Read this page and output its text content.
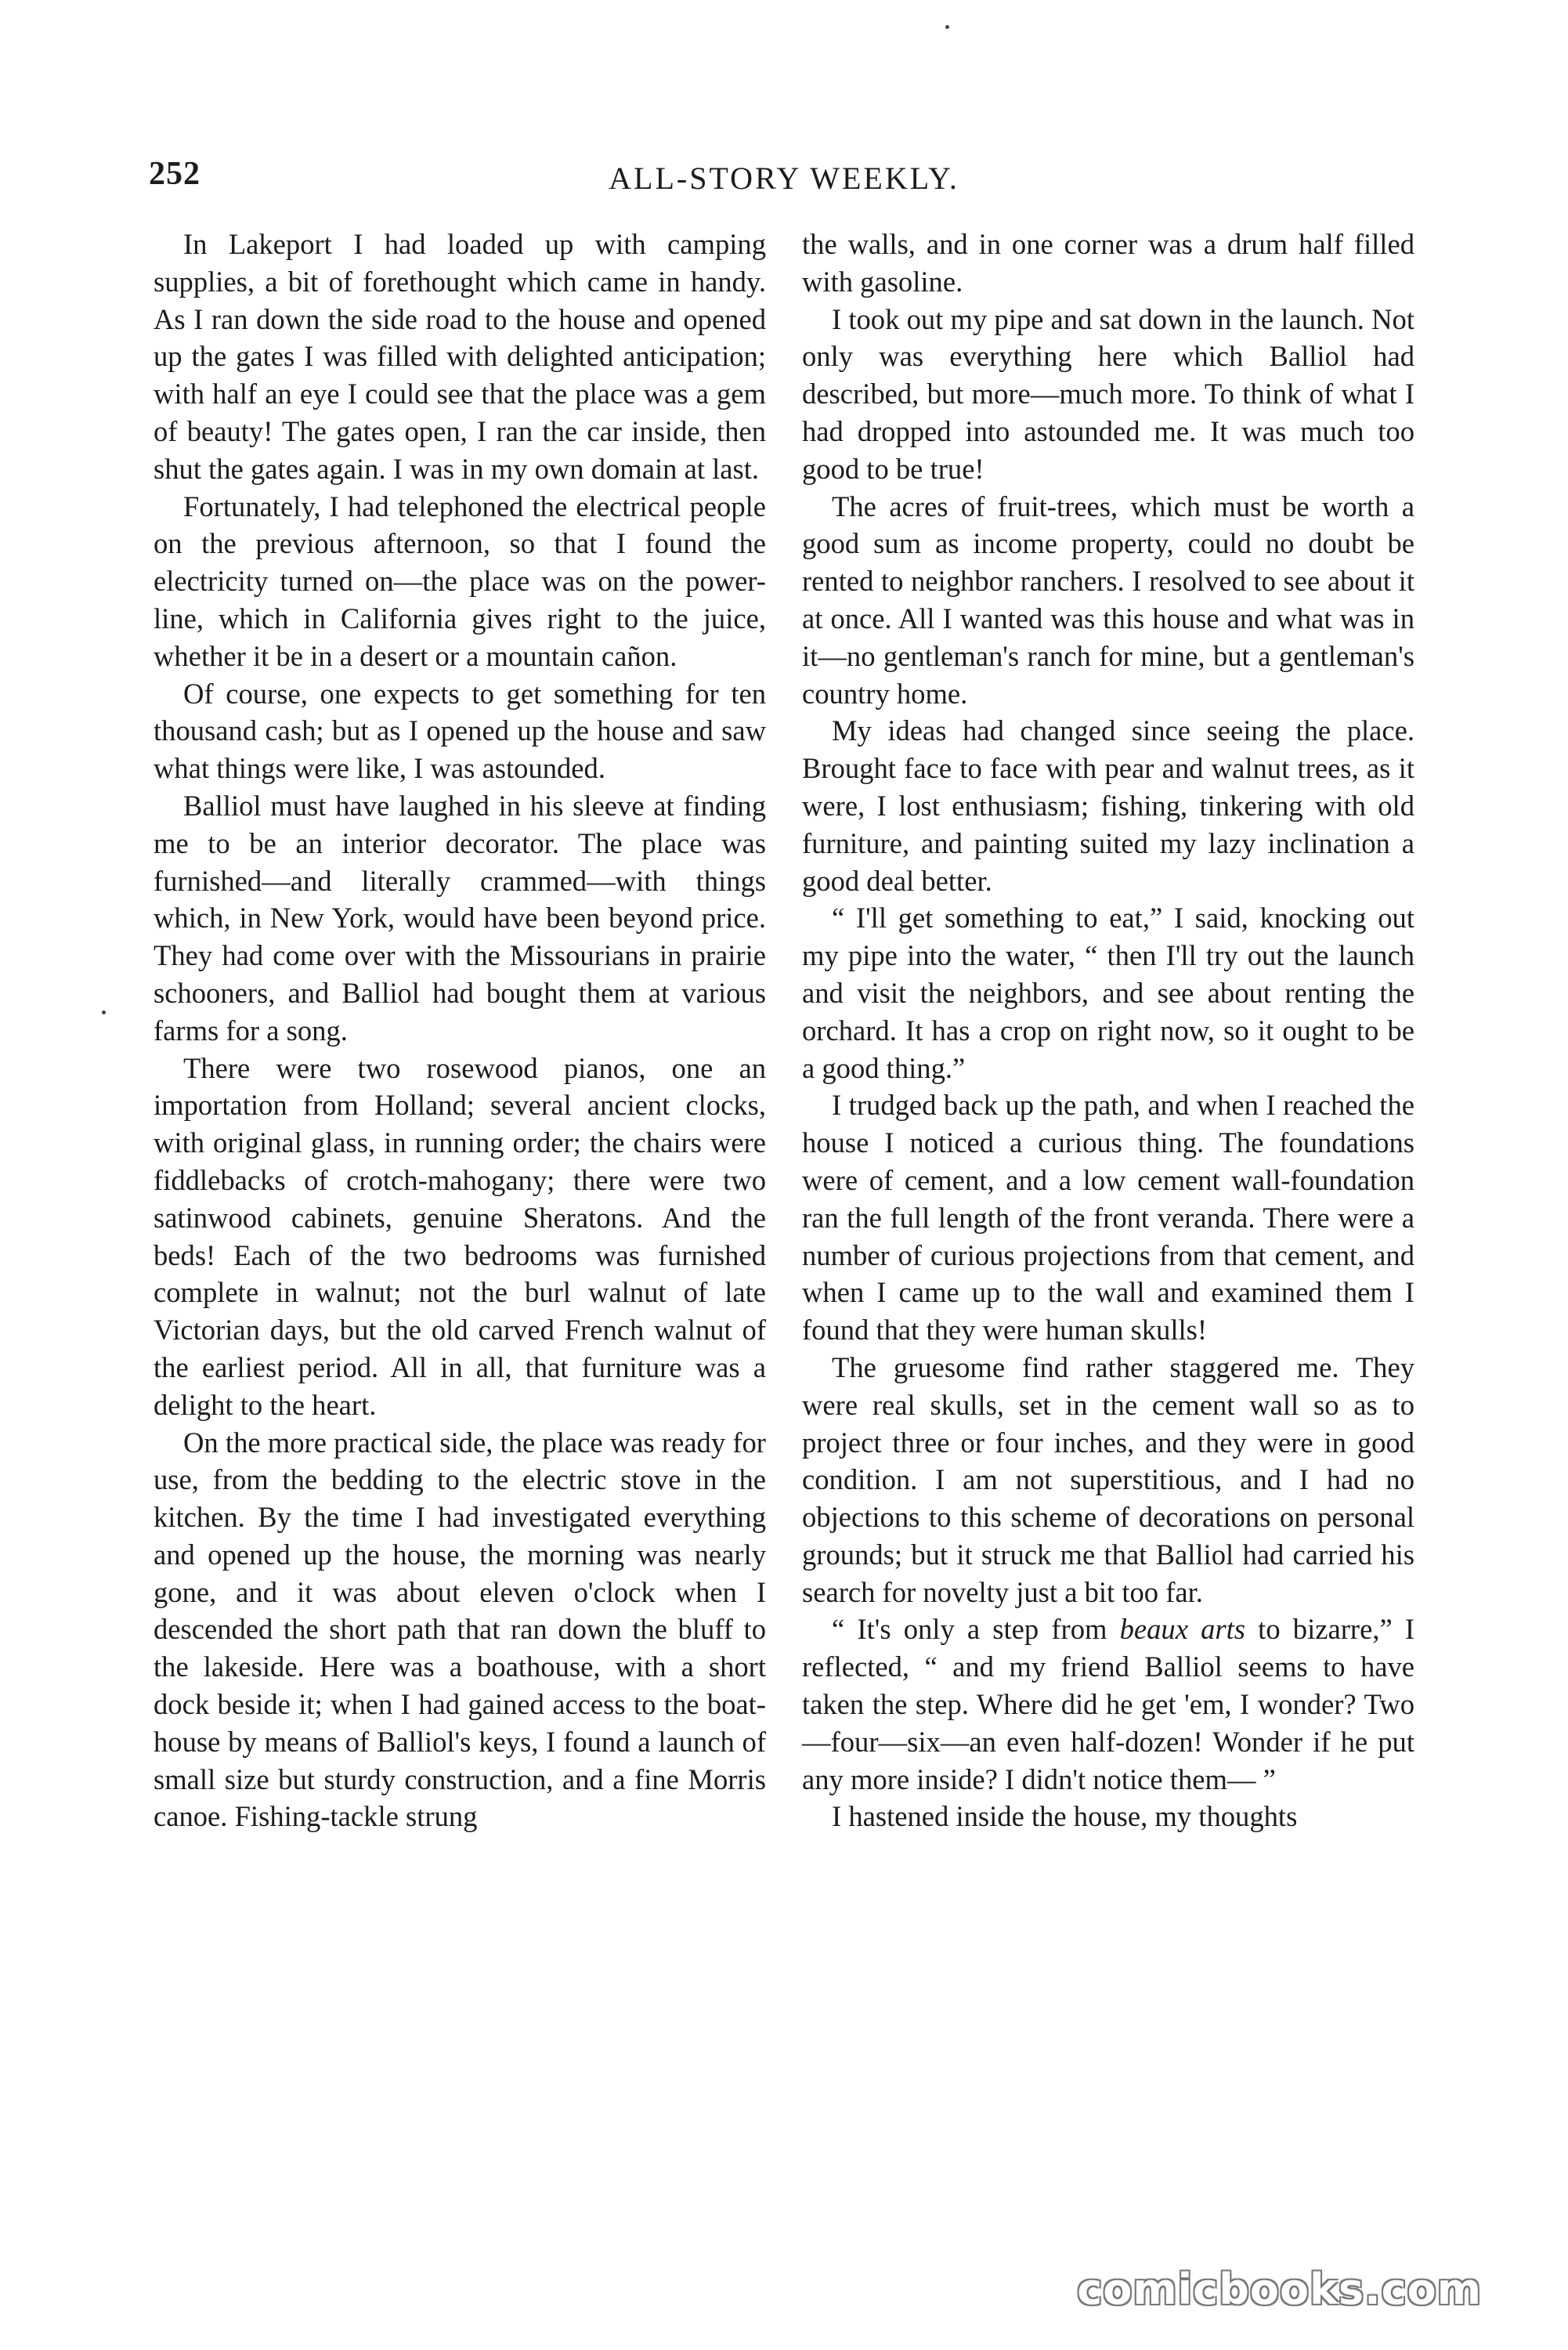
252	ALL-STORY WEEKLY.

In Lakeport I had loaded up with camping supplies, a bit of forethought which came in handy. As I ran down the side road to the house and opened up the gates I was filled with delighted anticipation; with half an eye I could see that the place was a gem of beauty! The gates open, I ran the car inside, then shut the gates again. I was in my own domain at last.

Fortunately, I had telephoned the electrical people on the previous afternoon, so that I found the electricity turned on—the place was on the power-line, which in California gives right to the juice, whether it be in a desert or a mountain cañon.

Of course, one expects to get something for ten thousand cash; but as I opened up the house and saw what things were like, I was astounded.

Balliol must have laughed in his sleeve at finding me to be an interior decorator. The place was furnished—and literally crammed—with things which, in New York, would have been beyond price. They had come over with the Missourians in prairie schooners, and Balliol had bought them at various farms for a song.

There were two rosewood pianos, one an importation from Holland; several ancient clocks, with original glass, in running order; the chairs were fiddlebacks of crotch-mahogany; there were two satinwood cabinets, genuine Sheratons. And the beds! Each of the two bedrooms was furnished complete in walnut; not the burl walnut of late Victorian days, but the old carved French walnut of the earliest period. All in all, that furniture was a delight to the heart.

On the more practical side, the place was ready for use, from the bedding to the electric stove in the kitchen. By the time I had investigated everything and opened up the house, the morning was nearly gone, and it was about eleven o'clock when I descended the short path that ran down the bluff to the lakeside. Here was a boathouse, with a short dock beside it; when I had gained access to the boat-house by means of Balliol's keys, I found a launch of small size but sturdy construction, and a fine Morris canoe. Fishing-tackle strung

the walls, and in one corner was a drum half filled with gasoline.

I took out my pipe and sat down in the launch. Not only was everything here which Balliol had described, but more—much more. To think of what I had dropped into astounded me. It was much too good to be true!

The acres of fruit-trees, which must be worth a good sum as income property, could no doubt be rented to neighbor ranchers. I resolved to see about it at once. All I wanted was this house and what was in it—no gentleman's ranch for mine, but a gentleman's country home.

My ideas had changed since seeing the place. Brought face to face with pear and walnut trees, as it were, I lost enthusiasm; fishing, tinkering with old furniture, and painting suited my lazy inclination a good deal better.

“ I'll get something to eat,” I said, knocking out my pipe into the water, “ then I'll try out the launch and visit the neighbors, and see about renting the orchard. It has a crop on right now, so it ought to be a good thing.”

I trudged back up the path, and when I reached the house I noticed a curious thing. The foundations were of cement, and a low cement wall-foundation ran the full length of the front veranda. There were a number of curious projections from that cement, and when I came up to the wall and examined them I found that they were human skulls!

The gruesome find rather staggered me. They were real skulls, set in the cement wall so as to project three or four inches, and they were in good condition. I am not superstitious, and I had no objections to this scheme of decorations on personal grounds; but it struck me that Balliol had carried his search for novelty just a bit too far.

“ It's only a step from beaux arts to bizarre,” I reflected, “ and my friend Balliol seems to have taken the step. Where did he get 'em, I wonder? Two—four—six—an even half-dozen! Wonder if he put any more inside? I didn't notice them— ”

I hastened inside the house, my thoughts

comicbooks.com
